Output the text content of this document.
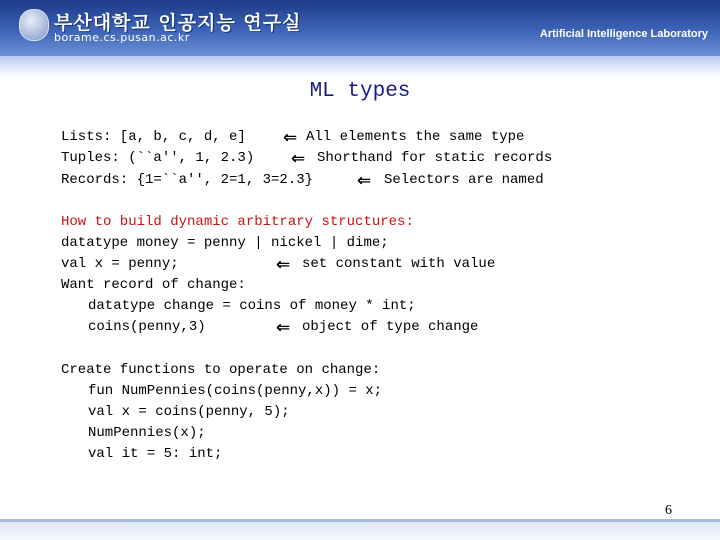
부산대학교 인공지능 연구실
borame.cs.pusan.ac.kr	Artificial Intelligence Laboratory
ML types
Lists: [a, b, c, d, e] ⇐ All elements the same type
Tuples: (``a'', 1, 2.3) ⇐ Shorthand for static records
Records: {1=``a'', 2=1, 3=2.3}	⇐ Selectors are named
How to build dynamic arbitrary structures:
datatype money = penny | nickel | dime;
val x = penny;	⇐ set constant with value
Want record of change:
datatype change = coins of money * int;
coins(penny,3)	⇐ object of type change
Create functions to operate on change:
fun NumPennies(coins(penny,x)) = x;
val x = coins(penny, 5);
NumPennies(x);
val it = 5: int;
6
